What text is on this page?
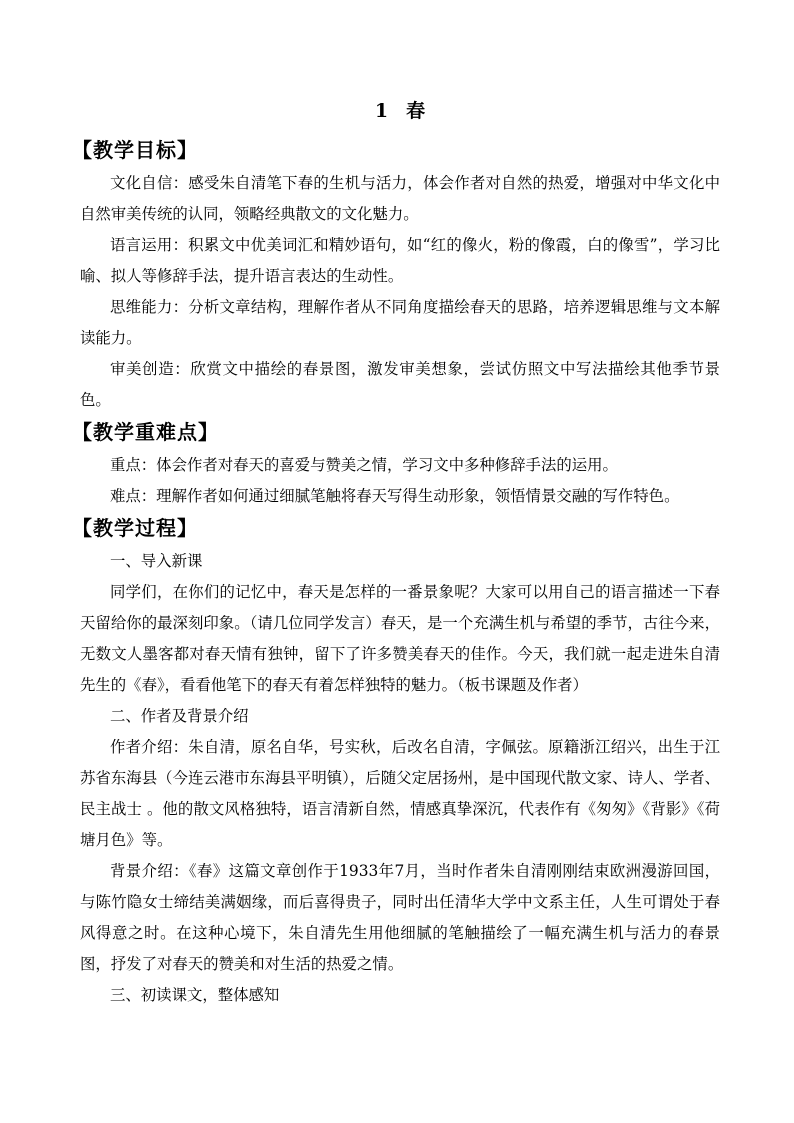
1 春
【教学目标】

文化自信：感受朱自清笔下春的生机与活力，体会作者对自然的热爱，增强对中华文化中自然审美传统的认同，领略经典散文的文化魅力。

语言运用：积累文中优美词汇和精妙语句，如“红的像火，粉的像霞，白的像雪”，学习比喻、拟人等修辞手法，提升语言表达的生动性。

思维能力：分析文章结构，理解作者从不同角度描绘春天的思路，培养逻辑思维与文本解读能力。

审美创造：欣赏文中描绘的春景图，激发审美想象，尝试仿照文中写法描绘其他季节景色。

【教学重难点】

重点：体会作者对春天的喜爱与赞美之情，学习文中多种修辞手法的运用。

难点：理解作者如何通过细腻笔触将春天写得生动形象，领悟情景交融的写作特色。

【教学过程】

一、导入新课

同学们，在你们的记忆中，春天是怎样的一番景象呢？大家可以用自己的语言描述一下春天留给你的最深刻印象。（请几位同学发言）春天，是一个充满生机与希望的季节，古往今来，无数文人墨客都对春天情有独钟，留下了许多赞美春天的佳作。今天，我们就一起走进朱自清先生的《春》，看看他笔下的春天有着怎样独特的魅力。（板书课题及作者）

二、作者及背景介绍

作者介绍：朱自清，原名自华，号实秋，后改名自清，字佩弦。原籍浙江绍兴，出生于江苏省东海县（今连云港市东海县平明镇），后随父定居扬州，是中国现代散文家、诗人、学者、民主战士 。他的散文风格独特，语言清新自然，情感真挚深沉，代表作有《匆匆》《背影》《荷塘月色》等。

背景介绍：《春》这篇文章创作于1933年7月，当时作者朱自清刚刚结束欧洲漫游回国，与陈竹隐女士缔结美满姻缘，而后喜得贵子，同时出任清华大学中文系主任，人生可谓处于春风得意之时。在这种心境下，朱自清先生用他细腻的笔触描绘了一幅充满生机与活力的春景图，抒发了对春天的赞美和对生活的热爱之情。

三、初读课文，整体感知
